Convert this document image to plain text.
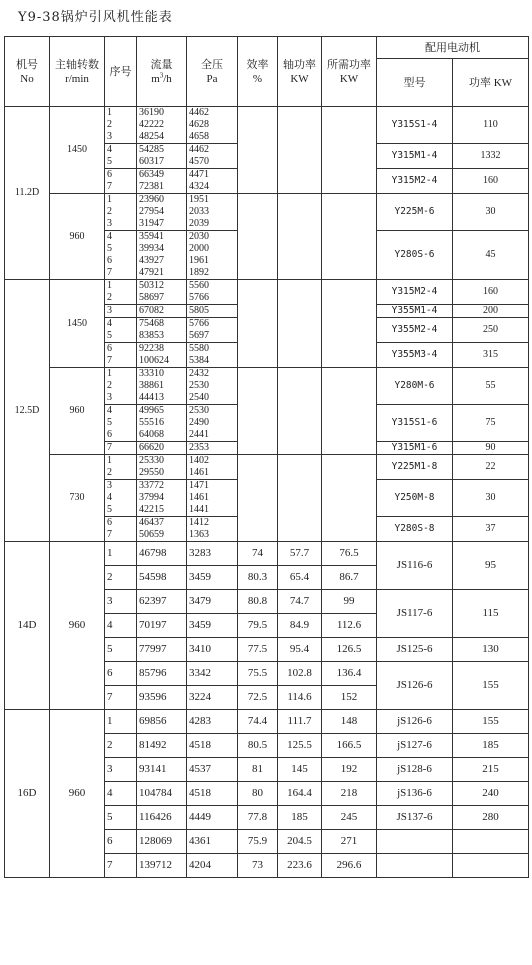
Y9-38锅炉引风机性能表
机号
No	主轴转数
r/min	序号	流量
$m^3/h$	全压
Pa	效率
%	轴功率
KW	所需功率 KW	配用电动机	
								型号	功率 KW
11.2D	1450	1	36190	4462				Y315S1-4	110
		2	42222	4628					
		3	48254	4658					
		4	54285	4462				Y315M1-4	1332
		5	60317	4570					
		6	66349	4471				Y315M2-4	160
		7	72381	4324					
	960	1	23960	1951				Y225M-6	30
		2	27954	2033					
		3	31947	2039					
		4	35941	2030				Y280S-6	45
		5	39934	2000					
		6	43927	1961					
		7	47921	1892					
12.5D	1450	1	50312	5560				Y315M2-4	160
		2	58697	5766					
		3	67082	5805				Y355M1-4	200
		4	75468	5766				Y355M2-4	250
		5	83853	5697					
		6	92238	5580				Y355M3-4	315
		7	100624	5384					
	960	1	33310	2432				Y280M-6	55
		2	38861	2530					
		3	44413	2540					
		4	49965	2530				Y315S1-6	75
		5	55516	2490					
		6	64068	2441					
		7	66620	2353				Y315M1-6	90
	730	1	25330	1402				Y225M1-8	22
		2	29550	1461					
		3	33772	1471				Y250M-8	30
		4	37994	1461					
		5	42215	1441					
		6	46437	1412				Y280S-8	37
		7	50659	1363					
14D	960	1	46798	3283	74	57.7	76.5	JS116-6	95
		2	54598	3459	80.3	65.4	86.7		
		3	62397	3479	80.8	74.7	99	JS117-6	115
		4	70197	3459	79.5	84.9	112.6		
		5	77997	3410	77.5	95.4	126.5	JS125-6	130
		6	85796	3342	75.5	102.8	136.4	JS126-6	155
		7	93596	3224	72.5	114.6	152		
16D	960	1	69856	4283	74.4	111.7	148	jS126-6	155
		2	81492	4518	80.5	125.5	166.5	jS127-6	185
		3	93141	4537	81	145	192	jS128-6	215
		4	104784	4518	80	164.4	218	jS136-6	240
		5	116426	4449	77.8	185	245	JS137-6	280
		6	128069	4361	75.9	204.5	271		
		7	139712	4204	73	223.6	296.6		
